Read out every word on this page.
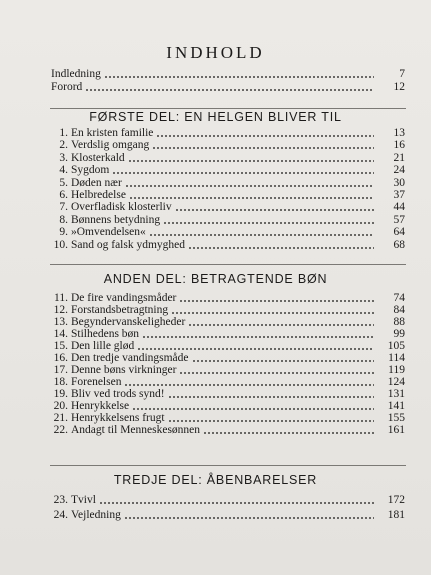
INDHOLD
FØRSTE DEL: EN HELGEN BLIVER TIL
ANDEN DEL: BETRAGTENDE BØN
TREDJE DEL: ÅBENBARELSER
Indledning	7
Forord	12
1. En kristen familie	13
2. Verdslig omgang	16
3. Klosterkald	21
4. Sygdom	24
5. Døden nær	30
6. Helbredelse	37
7. Overfladisk klosterliv	44
8. Bønnens betydning	57
9. »Omvendelsen«	64
10. Sand og falsk ydmyghed	68
11. De fire vandingsmåder	74
12. Forstandsbetragtning	84
13. Begyndervanskeligheder	88
14. Stilhedens bøn	99
15. Den lille glød	105
16. Den tredje vandingsmåde	114
17. Denne bøns virkninger	119
18. Forenelsen	124
19. Bliv ved trods synd!	131
20. Henrykkelse	141
21. Henrykkelsens frugt	155
22. Andagt til Menneskesønnen	161
23. Tvivl	172
24. Vejledning	181
